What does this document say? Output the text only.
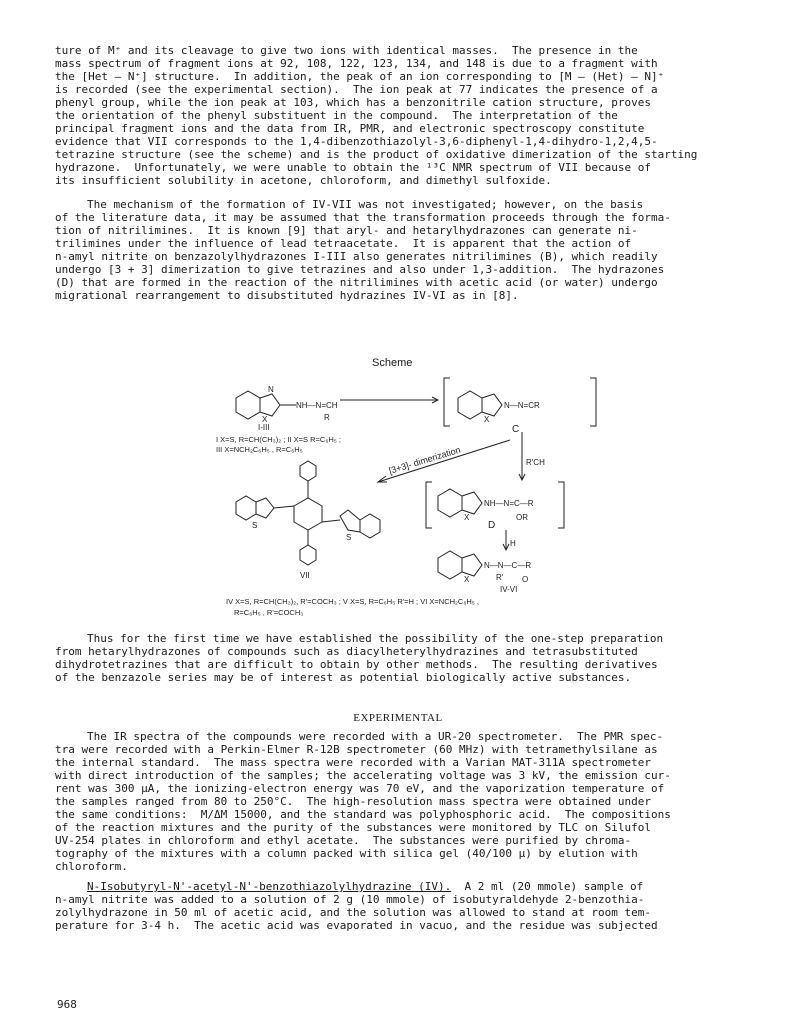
ture of M⁺ and its cleavage to give two ions with identical masses.  The presence in the
mass spectrum of fragment ions at 92, 108, 122, 123, 134, and 148 is due to a fragment with
the [Het — N⁺] structure.  In addition, the peak of an ion corresponding to [M — (Het) — N]⁺
is recorded (see the experimental section).  The ion peak at 77 indicates the presence of a
phenyl group, while the ion peak at 103, which has a benzonitrile cation structure, proves
the orientation of the phenyl substituent in the compound.  The interpretation of the
principal fragment ions and the data from IR, PMR, and electronic spectroscopy constitute
evidence that VII corresponds to the 1,4-dibenzothiazolyl-3,6-diphenyl-1,4-dihydro-1,2,4,5-
tetrazine structure (see the scheme) and is the product of oxidative dimerization of the starting
hydrazone.  Unfortunately, we were unable to obtain the ¹³C NMR spectrum of VII because of
its insufficient solubility in acetone, chloroform, and dimethyl sulfoxide.
The mechanism of the formation of IV-VII was not investigated; however, on the basis
of the literature data, it may be assumed that the transformation proceeds through the forma-
tion of nitrilimines.  It is known [9] that aryl- and hetarylhydrazones can generate ni-
trilimines under the influence of lead tetraacetate.  It is apparent that the action of
n-amyl nitrite on benzazolylhydrazones I-III also generates nitrilimines (B), which readily
undergo [3 + 3] dimerization to give tetrazines and also under 1,3-addition.  The hydrazones
(D) that are formed in the reaction of the nitrilimines with acetic acid (or water) undergo
migrational rearrangement to disubstituted hydrazines IV-VI as in [8].
Scheme
NH—N=CH
R
I-III
X
N
N—N=CR
X
C
R'CH
[3+3]- dimerization
NH—N=C—R
OR
X
D
H
N—N—C—R
R' O
X
IV-VI
VII
S
S
I X=S, R=CH(CH₃)₂ ; II X=S R=C₆H₅ ;
III X=NCH₂C₆H₅ , R=C₆H₅
IV X=S, R=CH(CH₃)₂, R'=COCH₃ ; V X=S, R=C₆H₅ R'=H ; VI X=NCH₂C₆H₅ ,
R=C₆H₅ , R'=COCH₃
Thus for the first time we have established the possibility of the one-step preparation
from hetarylhydrazones of compounds such as diacylheterylhydrazines and tetrasubstituted
dihydrotetrazines that are difficult to obtain by other methods.  The resulting derivatives
of the benzazole series may be of interest as potential biologically active substances.
EXPERIMENTAL
The IR spectra of the compounds were recorded with a UR-20 spectrometer.  The PMR spec-
tra were recorded with a Perkin-Elmer R-12B spectrometer (60 MHz) with tetramethylsilane as
the internal standard.  The mass spectra were recorded with a Varian MAT-311A spectrometer
with direct introduction of the samples; the accelerating voltage was 3 kV, the emission cur-
rent was 300 μA, the ionizing-electron energy was 70 eV, and the vaporization temperature of
the samples ranged from 80 to 250°C.  The high-resolution mass spectra were obtained under
the same conditions:  M/ΔM 15000, and the standard was polyphosphoric acid.  The compositions
of the reaction mixtures and the purity of the substances were monitored by TLC on Silufol
UV-254 plates in chloroform and ethyl acetate.  The substances were purified by chroma-
tography of the mixtures with a column packed with silica gel (40/100 μ) by elution with
chloroform.
N-Isobutyryl-N'-acetyl-N'-benzothiazolylhydrazine (IV).  A 2 ml (20 mmole) sample of
n-amyl nitrite was added to a solution of 2 g (10 mmole) of isobutyraldehyde 2-benzothia-
zolylhydrazone in 50 ml of acetic acid, and the solution was allowed to stand at room tem-
perature for 3-4 h.  The acetic acid was evaporated in vacuo, and the residue was subjected
968
